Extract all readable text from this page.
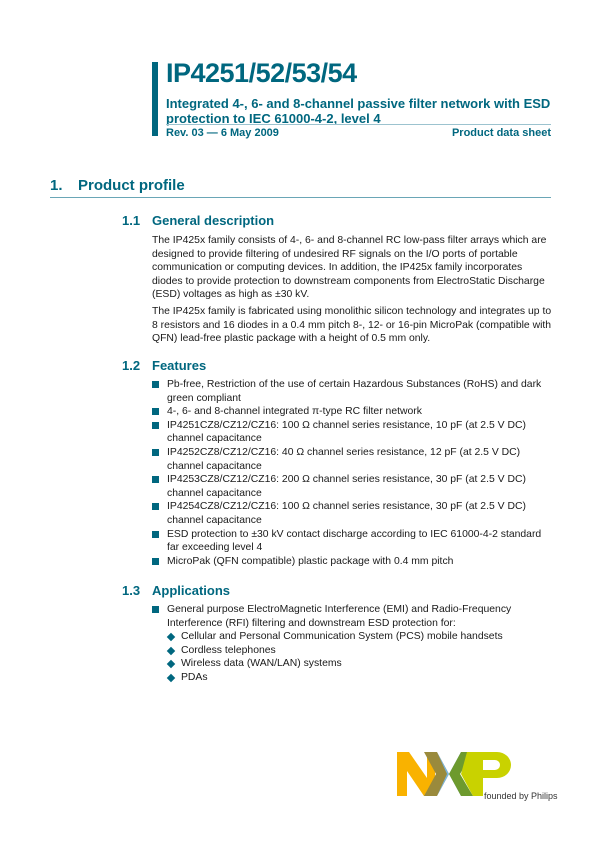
IP4251/52/53/54
Integrated 4-, 6- and 8-channel passive filter network with ESD protection to IEC 61000-4-2, level 4
Rev. 03 — 6 May 2009	Product data sheet
1. Product profile
1.1 General description
The IP425x family consists of 4-, 6- and 8-channel RC low-pass filter arrays which are designed to provide filtering of undesired RF signals on the I/O ports of portable communication or computing devices. In addition, the IP425x family incorporates diodes to provide protection to downstream components from ElectroStatic Discharge (ESD) voltages as high as ±30 kV.
The IP425x family is fabricated using monolithic silicon technology and integrates up to 8 resistors and 16 diodes in a 0.4 mm pitch 8-, 12- or 16-pin MicroPak (compatible with QFN) lead-free plastic package with a height of 0.5 mm only.
1.2 Features
Pb-free, Restriction of the use of certain Hazardous Substances (RoHS) and dark green compliant
4-, 6- and 8-channel integrated π-type RC filter network
IP4251CZ8/CZ12/CZ16: 100 Ω channel series resistance, 10 pF (at 2.5 V DC) channel capacitance
IP4252CZ8/CZ12/CZ16: 40 Ω channel series resistance, 12 pF (at 2.5 V DC) channel capacitance
IP4253CZ8/CZ12/CZ16: 200 Ω channel series resistance, 30 pF (at 2.5 V DC) channel capacitance
IP4254CZ8/CZ12/CZ16: 100 Ω channel series resistance, 30 pF (at 2.5 V DC) channel capacitance
ESD protection to ±30 kV contact discharge according to IEC 61000-4-2 standard far exceeding level 4
MicroPak (QFN compatible) plastic package with 0.4 mm pitch
1.3 Applications
General purpose ElectroMagnetic Interference (EMI) and Radio-Frequency Interference (RFI) filtering and downstream ESD protection for:
Cellular and Personal Communication System (PCS) mobile handsets
Cordless telephones
Wireless data (WAN/LAN) systems
PDAs
founded by Philips
